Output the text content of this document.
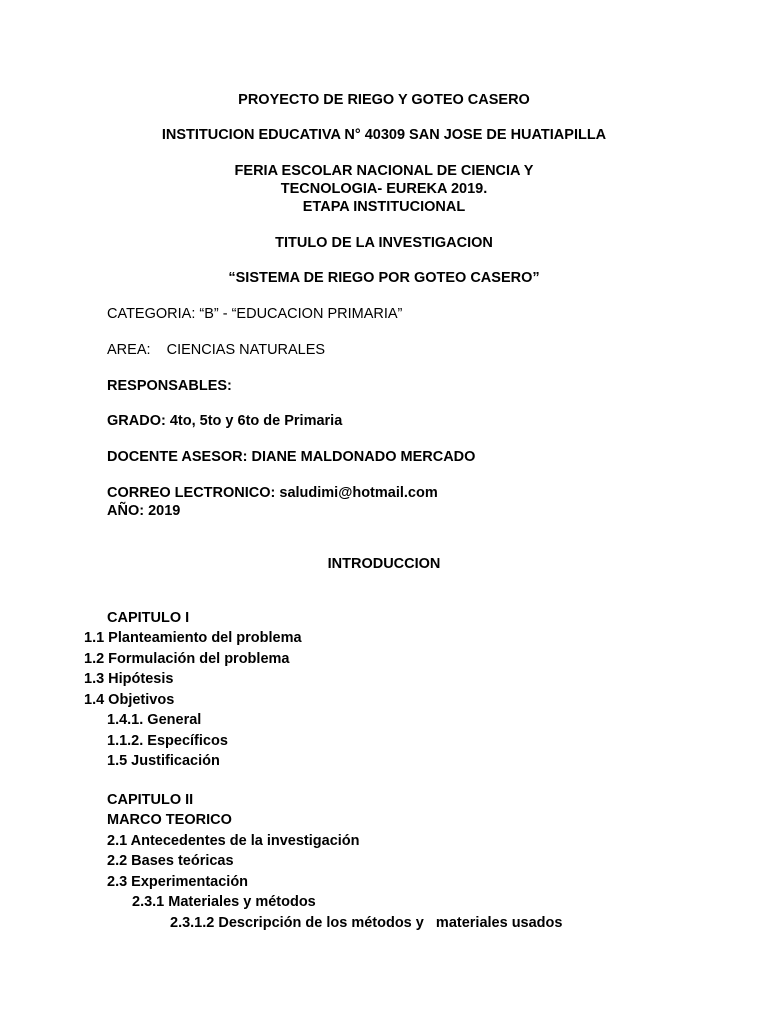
PROYECTO DE RIEGO Y GOTEO CASERO
INSTITUCION EDUCATIVA N° 40309 SAN JOSE DE HUATIAPILLA
FERIA ESCOLAR NACIONAL DE CIENCIA Y
TECNOLOGIA- EUREKA 2019.
ETAPA INSTITUCIONAL
TITULO DE LA INVESTIGACION
“SISTEMA DE RIEGO POR GOTEO CASERO”
CATEGORIA: “B” - “EDUCACION PRIMARIA”
AREA:    CIENCIAS NATURALES
RESPONSABLES:
GRADO: 4to, 5to y 6to de Primaria
DOCENTE ASESOR: DIANE MALDONADO MERCADO
CORREO LECTRONICO: saludimi@hotmail.com
AÑO: 2019
INTRODUCCION
CAPITULO I
1.1 Planteamiento del problema
1.2 Formulación del problema
1.3 Hipótesis
1.4 Objetivos
1.4.1. General
1.1.2. Específicos
1.5 Justificación
CAPITULO II
MARCO TEORICO
2.1 Antecedentes de la investigación
2.2 Bases teóricas
2.3 Experimentación
2.3.1 Materiales y métodos
2.3.1.2 Descripción de los métodos y   materiales usados
